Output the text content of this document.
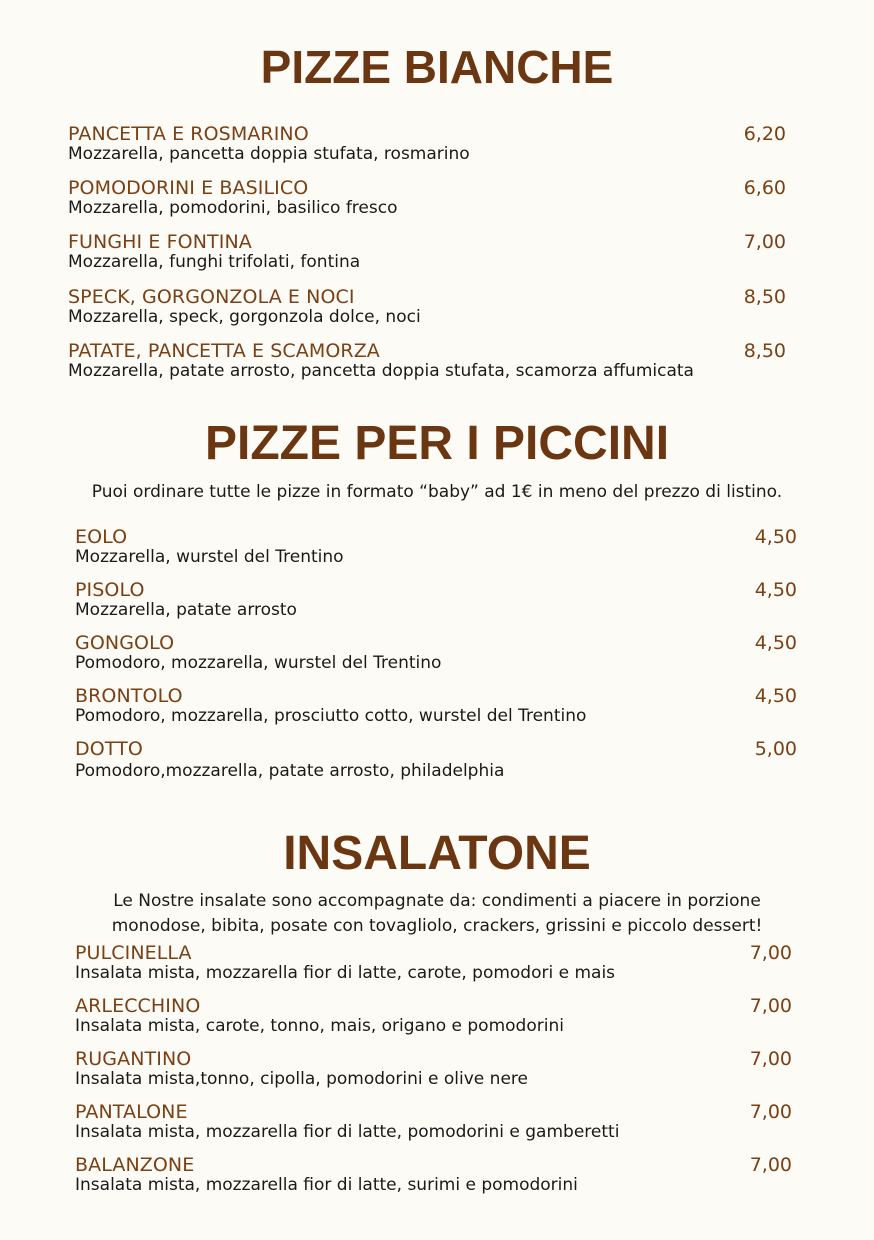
PIZZE BIANCHE
PANCETTA E ROSMARINO
Mozzarella, pancetta doppia stufata, rosmarino
6,20
POMODORINI E BASILICO
Mozzarella, pomodorini, basilico fresco
6,60
FUNGHI E FONTINA
Mozzarella, funghi trifolati, fontina
7,00
SPECK, GORGONZOLA E NOCI
Mozzarella, speck, gorgonzola dolce, noci
8,50
PATATE, PANCETTA E SCAMORZA
Mozzarella, patate arrosto, pancetta doppia stufata, scamorza affumicata
8,50
PIZZE PER I PICCINI

Puoi ordinare tutte le pizze in formato “baby” ad 1€ in meno del prezzo di listino.

EOLO
Mozzarella, wurstel del Trentino
4,50
PISOLO
Mozzarella, patate arrosto
4,50
GONGOLO
Pomodoro, mozzarella, wurstel del Trentino
4,50
BRONTOLO
Pomodoro, mozzarella, prosciutto cotto, wurstel del Trentino
4,50
DOTTO
Pomodoro,mozzarella, patate arrosto, philadelphia
5,00
INSALATONE

Le Nostre insalate sono accompagnate da: condimenti a piacere in porzione

monodose, bibita, posate con tovagliolo, crackers, grissini e piccolo dessert!

PULCINELLA
Insalata mista, mozzarella fior di latte, carote, pomodori e mais
7,00
ARLECCHINO
Insalata mista, carote, tonno, mais, origano e pomodorini
7,00
RUGANTINO
Insalata mista,tonno, cipolla, pomodorini e olive nere
7,00
PANTALONE
Insalata mista, mozzarella fior di latte, pomodorini e gamberetti
7,00
BALANZONE
Insalata mista, mozzarella fior di latte, surimi e pomodorini
7,00
